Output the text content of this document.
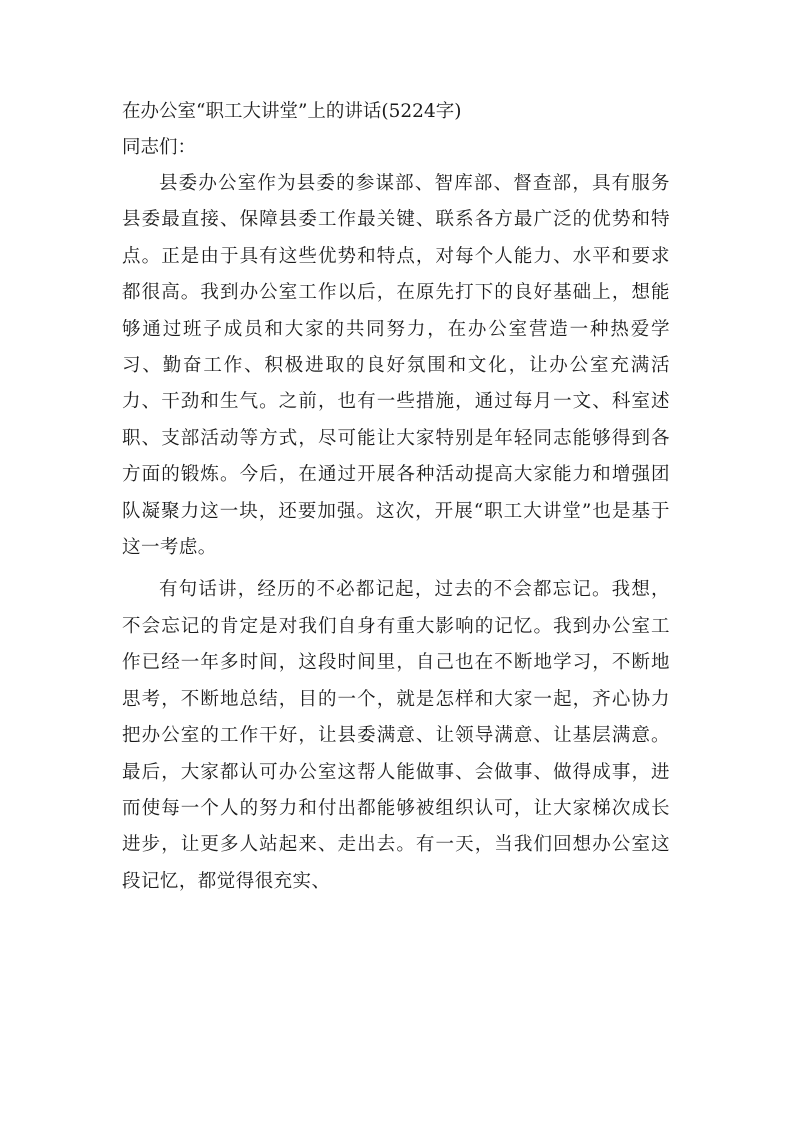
在办公室“职工大讲堂”上的讲话(5224字)

同志们：

县委办公室作为县委的参谋部、智库部、督查部，具有服务县委最直接、保障县委工作最关键、联系各方最广泛的优势和特点。正是由于具有这些优势和特点，对每个人能力、水平和要求都很高。我到办公室工作以后，在原先打下的良好基础上，想能够通过班子成员和大家的共同努力，在办公室营造一种热爱学习、勤奋工作、积极进取的良好氛围和文化，让办公室充满活力、干劲和生气。之前，也有一些措施，通过每月一文、科室述职、支部活动等方式，尽可能让大家特别是年轻同志能够得到各方面的锻炼。今后，在通过开展各种活动提高大家能力和增强团队凝聚力这一块，还要加强。这次，开展“职工大讲堂”也是基于这一考虑。

有句话讲，经历的不必都记起，过去的不会都忘记。我想，不会忘记的肯定是对我们自身有重大影响的记忆。我到办公室工作已经一年多时间，这段时间里，自己也在不断地学习，不断地思考，不断地总结，目的一个，就是怎样和大家一起，齐心协力把办公室的工作干好，让县委满意、让领导满意、让基层满意。最后，大家都认可办公室这帮人能做事、会做事、做得成事，进而使每一个人的努力和付出都能够被组织认可，让大家梯次成长进步，让更多人站起来、走出去。有一天，当我们回想办公室这段记忆，都觉得很充实、
